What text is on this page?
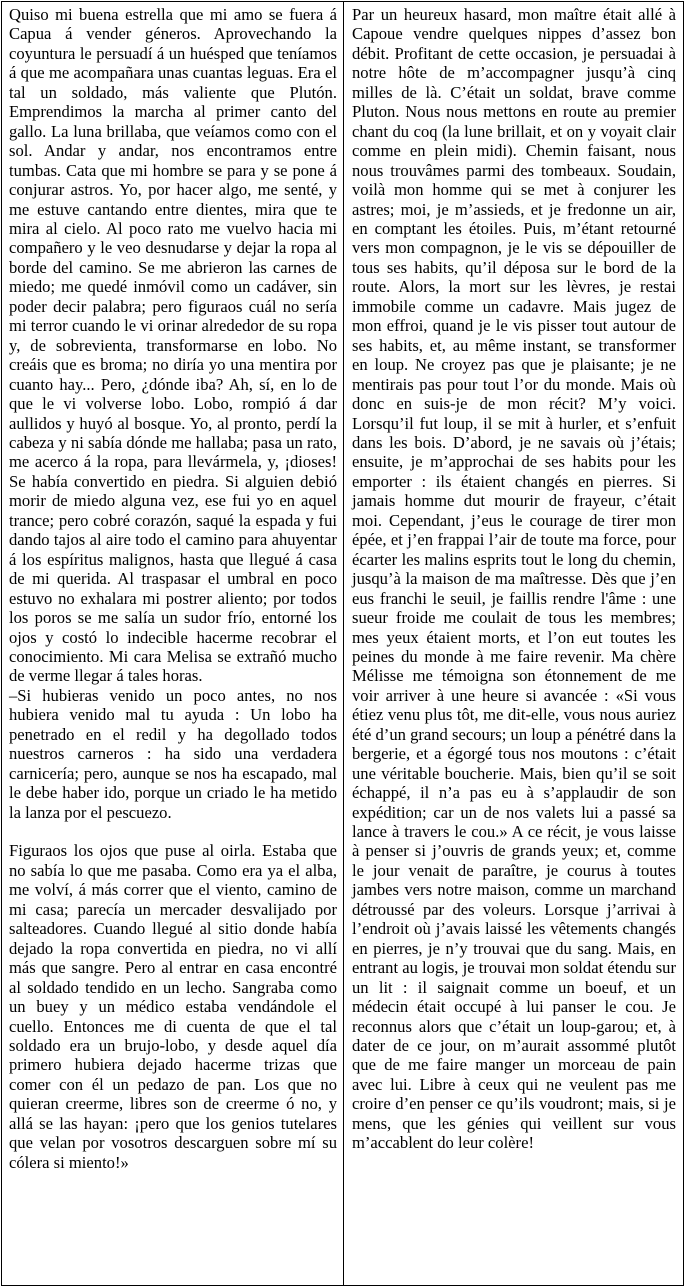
Quiso mi buena estrella que mi amo se fuera á Capua á vender géneros. Aprovechando la coyuntura le persuadí á un huésped que teníamos á que me acompañara unas cuantas leguas. Era el tal un soldado, más valiente que Plutón. Emprendimos la marcha al primer canto del gallo. La luna brillaba, que veíamos como con el sol. Andar y andar, nos encontramos entre tumbas. Cata que mi hombre se para y se pone á conjurar astros. Yo, por hacer algo, me senté, y me estuve cantando entre dientes, mira que te mira al cielo. Al poco rato me vuelvo hacia mi compañero y le veo desnudarse y dejar la ropa al borde del camino. Se me abrieron las carnes de miedo; me quedé inmóvil como un cadáver, sin poder decir palabra; pero figuraos cuál no sería mi terror cuando le vi orinar alrededor de su ropa y, de sobrevienta, transformarse en lobo. No creáis que es broma; no diría yo una mentira por cuanto hay... Pero, ¿dónde iba? Ah, sí, en lo de que le vi volverse lobo. Lobo, rompió á dar aullidos y huyó al bosque. Yo, al pronto, perdí la cabeza y ni sabía dónde me hallaba; pasa un rato, me acerco á la ropa, para llevármela, y, ¡dioses! Se había convertido en piedra. Si alguien debió morir de miedo alguna vez, ese fui yo en aquel trance; pero cobré corazón, saqué la espada y fui dando tajos al aire todo el camino para ahuyentar á los espíritus malignos, hasta que llegué á casa de mi querida. Al traspasar el umbral en poco estuvo no exhalara mi postrer aliento; por todos los poros se me salía un sudor frío, entorné los ojos y costó lo indecible hacerme recobrar el conocimiento. Mi cara Melisa se extrañó mucho de verme llegar á tales horas.

–Si hubieras venido un poco antes, no nos hubiera venido mal tu ayuda : Un lobo ha penetrado en el redil y ha degollado todos nuestros carneros : ha sido una verdadera carnicería; pero, aunque se nos ha escapado, mal le debe haber ido, porque un criado le ha metido la lanza por el pescuezo.

Figuraos los ojos que puse al oirla. Estaba que no sabía lo que me pasaba. Como era ya el alba, me volví, á más correr que el viento, camino de mi casa; parecía un mercader desvalijado por salteadores. Cuando llegué al sitio donde había dejado la ropa convertida en piedra, no vi allí más que sangre. Pero al entrar en casa encontré al soldado tendido en un lecho. Sangraba como un buey y un médico estaba vendándole el cuello. Entonces me di cuenta de que el tal soldado era un brujo-lobo, y desde aquel día primero hubiera dejado hacerme trizas que comer con él un pedazo de pan. Los que no quieran creerme, libres son de creerme ó no, y allá se las hayan: ¡pero que los genios tutelares que velan por vosotros descarguen sobre mí su cólera si miento!»

Par un heureux hasard, mon maître était allé à Capoue vendre quelques nippes d’assez bon débit. Profitant de cette occasion, je persuadai à notre hôte de m’accompagner jusqu’à cinq milles de là. C’était un soldat, brave comme Pluton. Nous nous mettons en route au premier chant du coq (la lune brillait, et on y voyait clair comme en plein midi). Chemin faisant, nous nous trouvâmes parmi des tombeaux. Soudain, voilà mon homme qui se met à conjurer les astres; moi, je m’assieds, et je fredonne un air, en comptant les étoiles. Puis, m’étant retourné vers mon compagnon, je le vis se dépouiller de tous ses habits, qu’il déposa sur le bord de la route. Alors, la mort sur les lèvres, je restai immobile comme un cadavre. Mais jugez de mon effroi, quand je le vis pisser tout autour de ses habits, et, au même instant, se transformer en loup. Ne croyez pas que je plaisante; je ne mentirais pas pour tout l’or du monde. Mais où donc en suis-je de mon récit? M’y voici. Lorsqu’il fut loup, il se mit à hurler, et s’enfuit dans les bois. D’abord, je ne savais où j’étais; ensuite, je m’approchai de ses habits pour les emporter : ils étaient changés en pierres. Si jamais homme dut mourir de frayeur, c’était moi. Cependant, j’eus le courage de tirer mon épée, et j’en frappai l’air de toute ma force, pour écarter les malins esprits tout le long du chemin, jusqu’à la maison de ma maîtresse. Dès que j’en eus franchi le seuil, je faillis rendre l'âme : une sueur froide me coulait de tous les membres; mes yeux étaient morts, et l’on eut toutes les peines du monde à me faire revenir. Ma chère Mélisse me témoigna son étonnement de me voir arriver à une heure si avancée : «Si vous étiez venu plus tôt, me dit-elle, vous nous auriez été d’un grand secours; un loup a pénétré dans la bergerie, et a égorgé tous nos moutons : c’était une véritable boucherie. Mais, bien qu’il se soit échappé, il n’a pas eu à s’applaudir de son expédition; car un de nos valets lui a passé sa lance à travers le cou.» A ce récit, je vous laisse à penser si j’ouvris de grands yeux; et, comme le jour venait de paraître, je courus à toutes jambes vers notre maison, comme un marchand détroussé par des voleurs. Lorsque j’arrivai à l’endroit où j’avais laissé les vêtements changés en pierres, je n’y trouvai que du sang. Mais, en entrant au logis, je trouvai mon soldat étendu sur un lit : il saignait comme un boeuf, et un médecin était occupé à lui panser le cou. Je reconnus alors que c’était un loup-garou; et, à dater de ce jour, on m’aurait assommé plutôt que de me faire manger un morceau de pain avec lui. Libre à ceux qui ne veulent pas me croire d’en penser ce qu’ils voudront; mais, si je mens, que les génies qui veillent sur vous m’accablent do leur colère!
